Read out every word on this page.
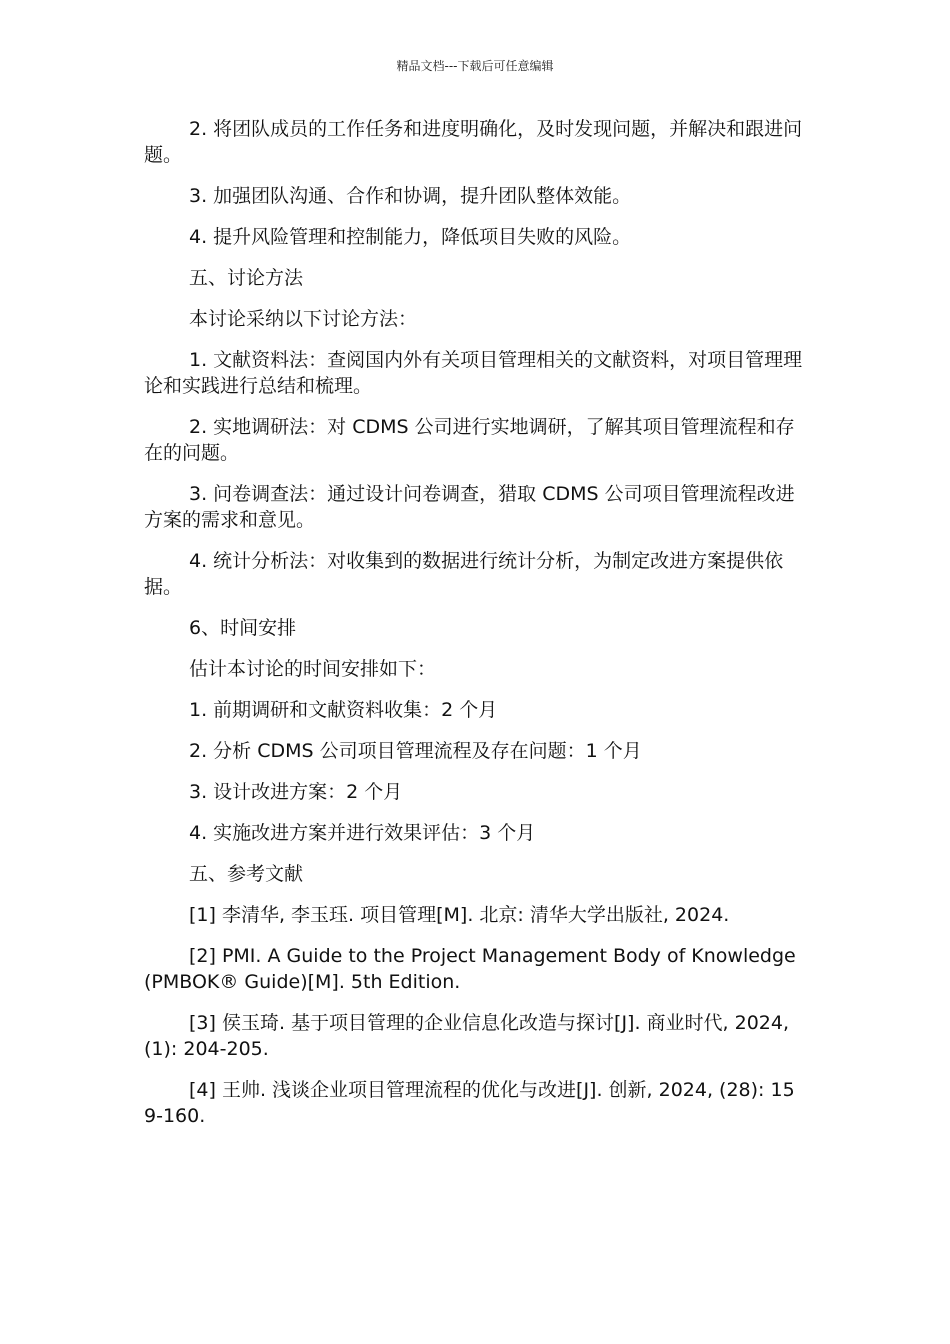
精品文档---下载后可任意编辑

2. 将团队成员的工作任务和进度明确化，及时发现问题，并解决和跟进问题。

3. 加强团队沟通、合作和协调，提升团队整体效能。

4. 提升风险管理和控制能力，降低项目失败的风险。

五、讨论方法

本讨论采纳以下讨论方法：

1. 文献资料法：查阅国内外有关项目管理相关的文献资料，对项目管理理论和实践进行总结和梳理。

2. 实地调研法：对 CDMS 公司进行实地调研，了解其项目管理流程和存在的问题。

3. 问卷调查法：通过设计问卷调查，猎取 CDMS 公司项目管理流程改进方案的需求和意见。

4. 统计分析法：对收集到的数据进行统计分析，为制定改进方案提供依据。

6、时间安排

估计本讨论的时间安排如下：

1. 前期调研和文献资料收集：2 个月

2. 分析 CDMS 公司项目管理流程及存在问题：1 个月

3. 设计改进方案：2 个月

4. 实施改进方案并进行效果评估：3 个月

五、参考文献

[1] 李清华, 李玉珏. 项目管理[M]. 北京: 清华大学出版社, 2024.

[2] PMI. A Guide to the Project Management Body of Knowledge (PMBOK® Guide)[M]. 5th Edition.

[3] 侯玉琦. 基于项目管理的企业信息化改造与探讨[J]. 商业时代, 2024, (1): 204-205.

[4] 王帅. 浅谈企业项目管理流程的优化与改进[J]. 创新, 2024, (28): 159-160.
